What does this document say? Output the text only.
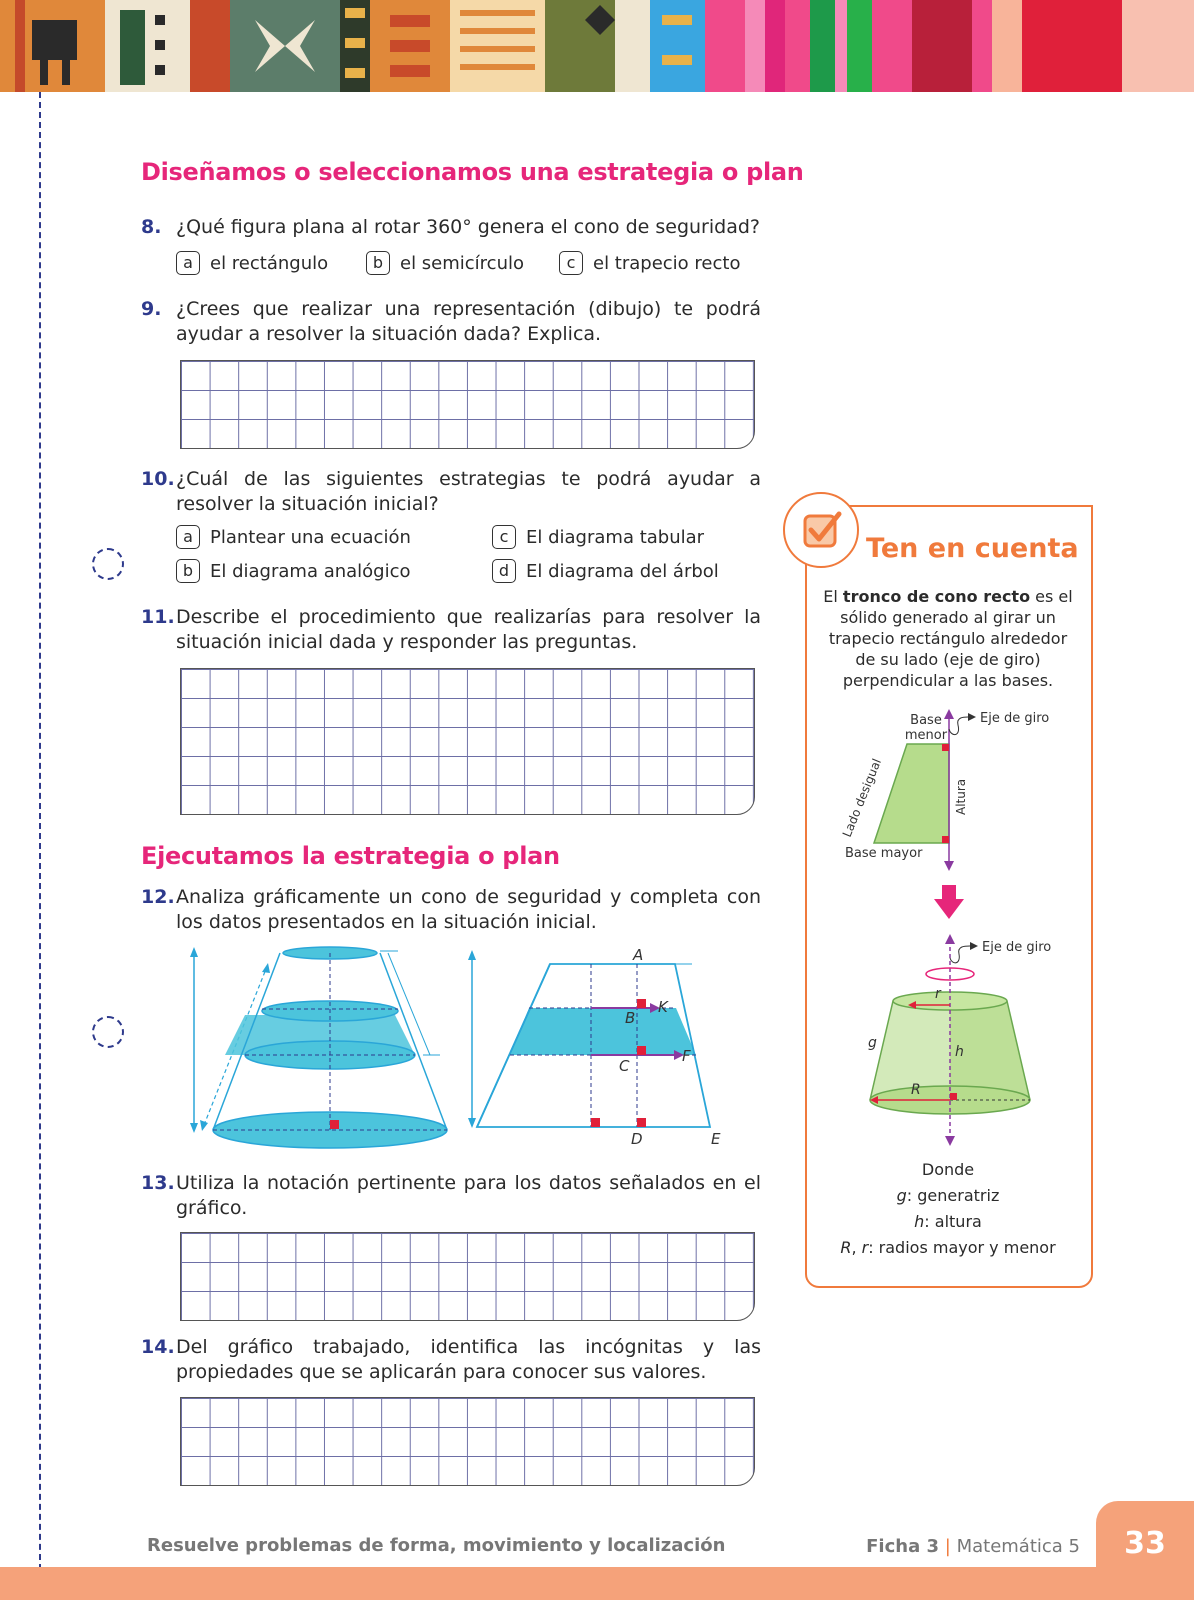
Diseñamos o seleccionamos una estrategia o plan
8. ¿Qué figura plana al rotar 360° genera el cono de seguridad?
a el rectángulo	b el semicírculo	c el trapecio recto
9. ¿Crees que realizar una representación (dibujo) te podrá ayudar a resolver la situación dada? Explica.
10. ¿Cuál de las siguientes estrategias te podrá ayudar a resolver la situación inicial?
a Plantear una ecuación	c El diagrama tabular
b El diagrama analógico	d El diagrama del árbol
11. Describe el procedimiento que realizarías para resolver la situación inicial dada y responder las preguntas.
Ejecutamos la estrategia o plan
12. Analiza gráficamente un cono de seguridad y completa con los datos presentados en la situación inicial.
A
B
K
F
C
D	E
13. Utiliza la notación pertinente para los datos señalados en el gráfico.
14. Del gráfico trabajado, identifica las incógnitas y las propiedades que se aplicarán para conocer sus valores.
Ten en cuenta
El tronco de cono recto es el sólido generado al girar un trapecio rectángulo alrededor de su lado (eje de giro) perpendicular a las bases.
Base
menor
Eje de giro
Base mayor
Lado desigual	Altura
Eje de giro
r
g
h
R
Donde
g: generatriz
h: altura
R, r: radios mayor y menor
33
Resuelve problemas de forma, movimiento y localización	Ficha 3 | Matemática 5
